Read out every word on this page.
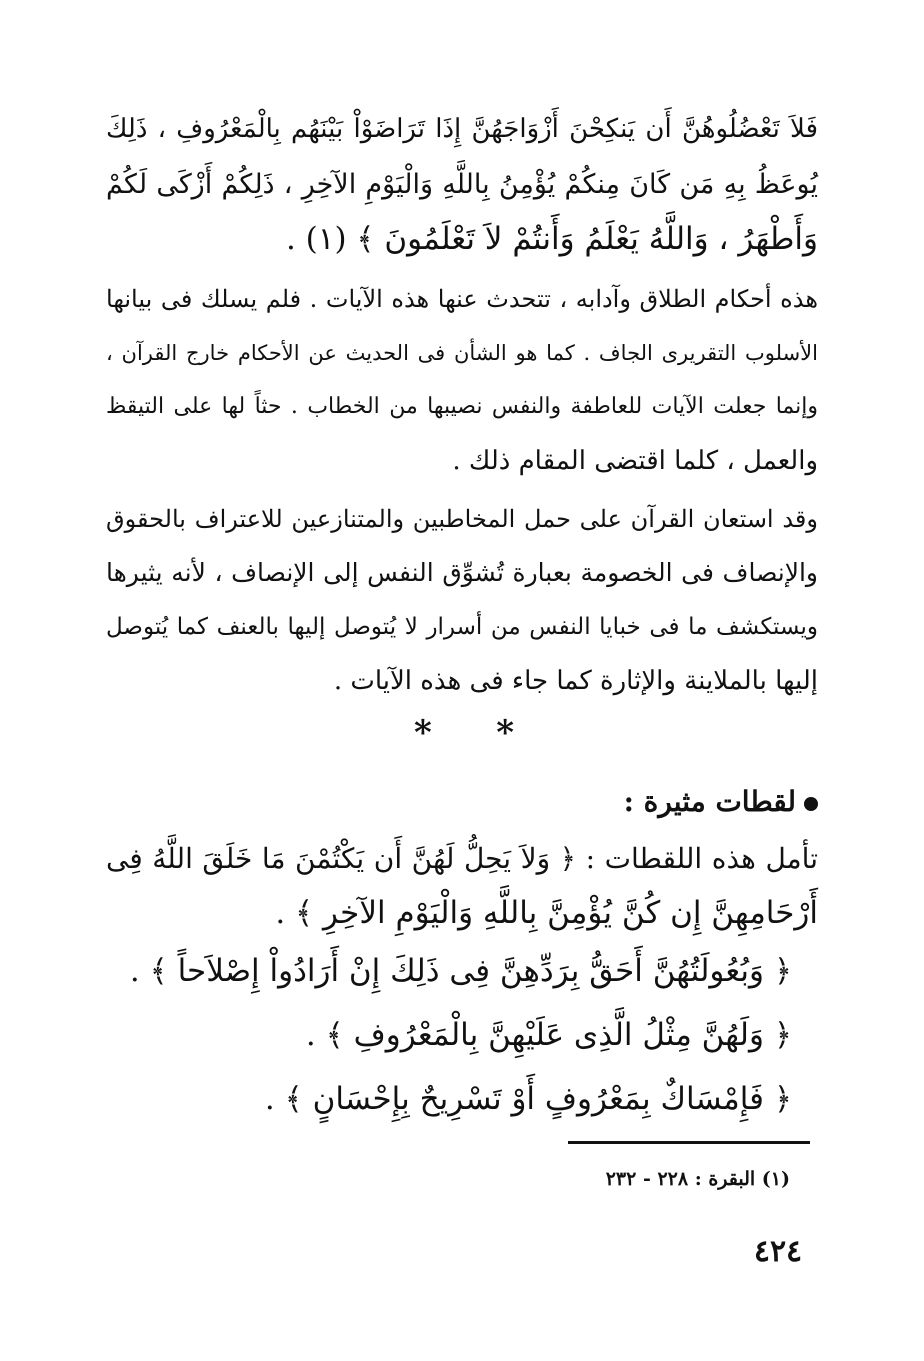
فَلاَ تَعْضُلُوهُنَّ أَن يَنكِحْنَ أَزْوَاجَهُنَّ إِذَا تَرَاضَوْاْ بَيْنَهُم بِالْمَعْرُوفِ ، ذَلِكَ
يُوعَظُ بِهِ مَن كَانَ مِنكُمْ يُؤْمِنُ بِاللَّهِ وَالْيَوْمِ الآخِرِ ، ذَلِكُمْ أَزْكَى لَكُمْ
وَأَطْهَرُ ، وَاللَّهُ يَعْلَمُ وَأَنتُمْ لاَ تَعْلَمُونَ ﴾ (١) .
هذه أحكام الطلاق وآدابه ، تتحدث عنها هذه الآيات . فلم يسلك فى بيانها
الأسلوب التقريرى الجاف . كما هو الشأن فى الحديث عن الأحكام خارج القرآن ،
وإنما جعلت الآيات للعاطفة والنفس نصيبها من الخطاب . حثاً لها على التيقظ
والعمل ، كلما اقتضى المقام ذلك .
وقد استعان القرآن على حمل المخاطبين والمتنازعين للاعتراف بالحقوق
والإنصاف فى الخصومة بعبارة تُشوِّق النفس إلى الإنصاف ، لأنه يثيرها
ويستكشف ما فى خبايا النفس من أسرار لا يُتوصل إليها بالعنف كما يُتوصل
إليها بالملاينة والإثارة كما جاء فى هذه الآيات .
* *
لقطات مثيرة :
تأمل هذه اللقطات : ﴿ وَلاَ يَحِلُّ لَهُنَّ أَن يَكْتُمْنَ مَا خَلَقَ اللَّهُ فِى
أَرْحَامِهِنَّ إِن كُنَّ يُؤْمِنَّ بِاللَّهِ وَالْيَوْمِ الآخِرِ ﴾ .
﴿ وَبُعُولَتُهُنَّ أَحَقُّ بِرَدِّهِنَّ فِى ذَلِكَ إِنْ أَرَادُواْ إِصْلاَحاً ﴾ .
﴿ وَلَهُنَّ مِثْلُ الَّذِى عَلَيْهِنَّ بِالْمَعْرُوفِ ﴾ .
﴿ فَإِمْسَاكٌ بِمَعْرُوفٍ أَوْ تَسْرِيحٌ بِإِحْسَانٍ ﴾ .
(١) البقرة : ٢٢٨ - ٢٣٢
٤٢٤
